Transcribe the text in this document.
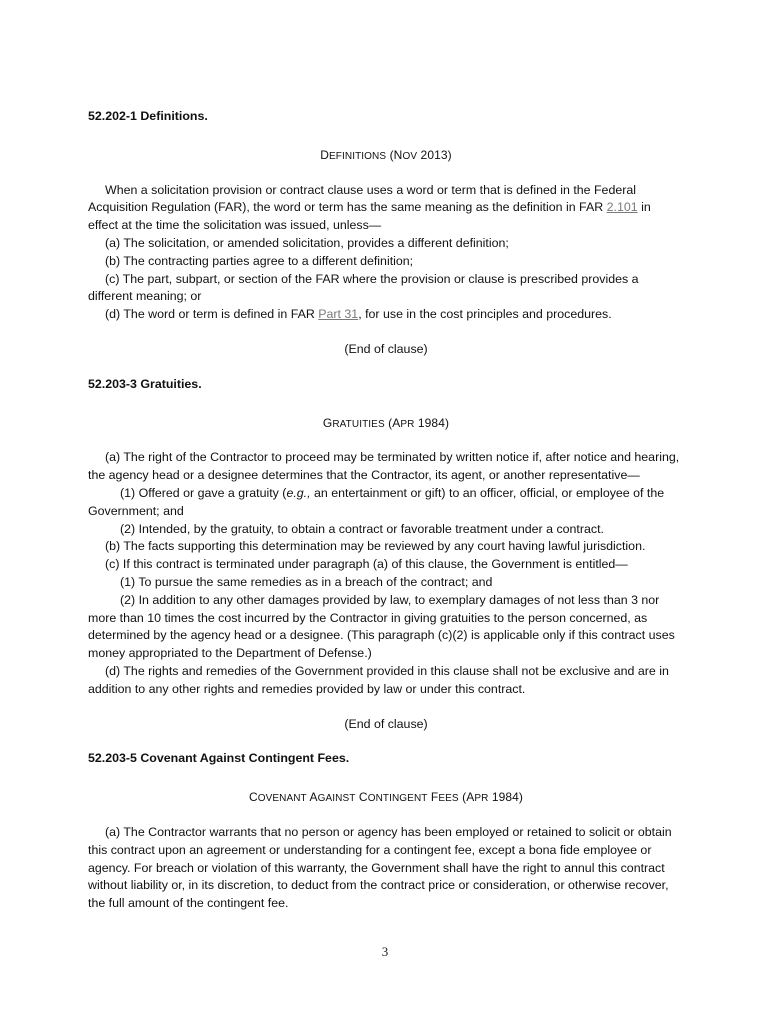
52.202-1 Definitions.
DEFINITIONS (NOV 2013)

When a solicitation provision or contract clause uses a word or term that is defined in the Federal Acquisition Regulation (FAR), the word or term has the same meaning as the definition in FAR 2.101 in effect at the time the solicitation was issued, unless—

(a) The solicitation, or amended solicitation, provides a different definition;

(b) The contracting parties agree to a different definition;

(c) The part, subpart, or section of the FAR where the provision or clause is prescribed provides a different meaning; or

(d) The word or term is defined in FAR Part 31, for use in the cost principles and procedures.

(End of clause)
52.203-3 Gratuities.
GRATUITIES (APR 1984)

(a) The right of the Contractor to proceed may be terminated by written notice if, after notice and hearing, the agency head or a designee determines that the Contractor, its agent, or another representative—

(1) Offered or gave a gratuity (e.g., an entertainment or gift) to an officer, official, or employee of the Government; and

(2) Intended, by the gratuity, to obtain a contract or favorable treatment under a contract.

(b) The facts supporting this determination may be reviewed by any court having lawful jurisdiction.

(c) If this contract is terminated under paragraph (a) of this clause, the Government is entitled—

(1) To pursue the same remedies as in a breach of the contract; and

(2) In addition to any other damages provided by law, to exemplary damages of not less than 3 nor more than 10 times the cost incurred by the Contractor in giving gratuities to the person concerned, as determined by the agency head or a designee. (This paragraph (c)(2) is applicable only if this contract uses money appropriated to the Department of Defense.)

(d) The rights and remedies of the Government provided in this clause shall not be exclusive and are in addition to any other rights and remedies provided by law or under this contract.

(End of clause)
52.203-5 Covenant Against Contingent Fees.
COVENANT AGAINST CONTINGENT FEES (APR 1984)

(a) The Contractor warrants that no person or agency has been employed or retained to solicit or obtain this contract upon an agreement or understanding for a contingent fee, except a bona fide employee or agency. For breach or violation of this warranty, the Government shall have the right to annul this contract without liability or, in its discretion, to deduct from the contract price or consideration, or otherwise recover, the full amount of the contingent fee.

3
